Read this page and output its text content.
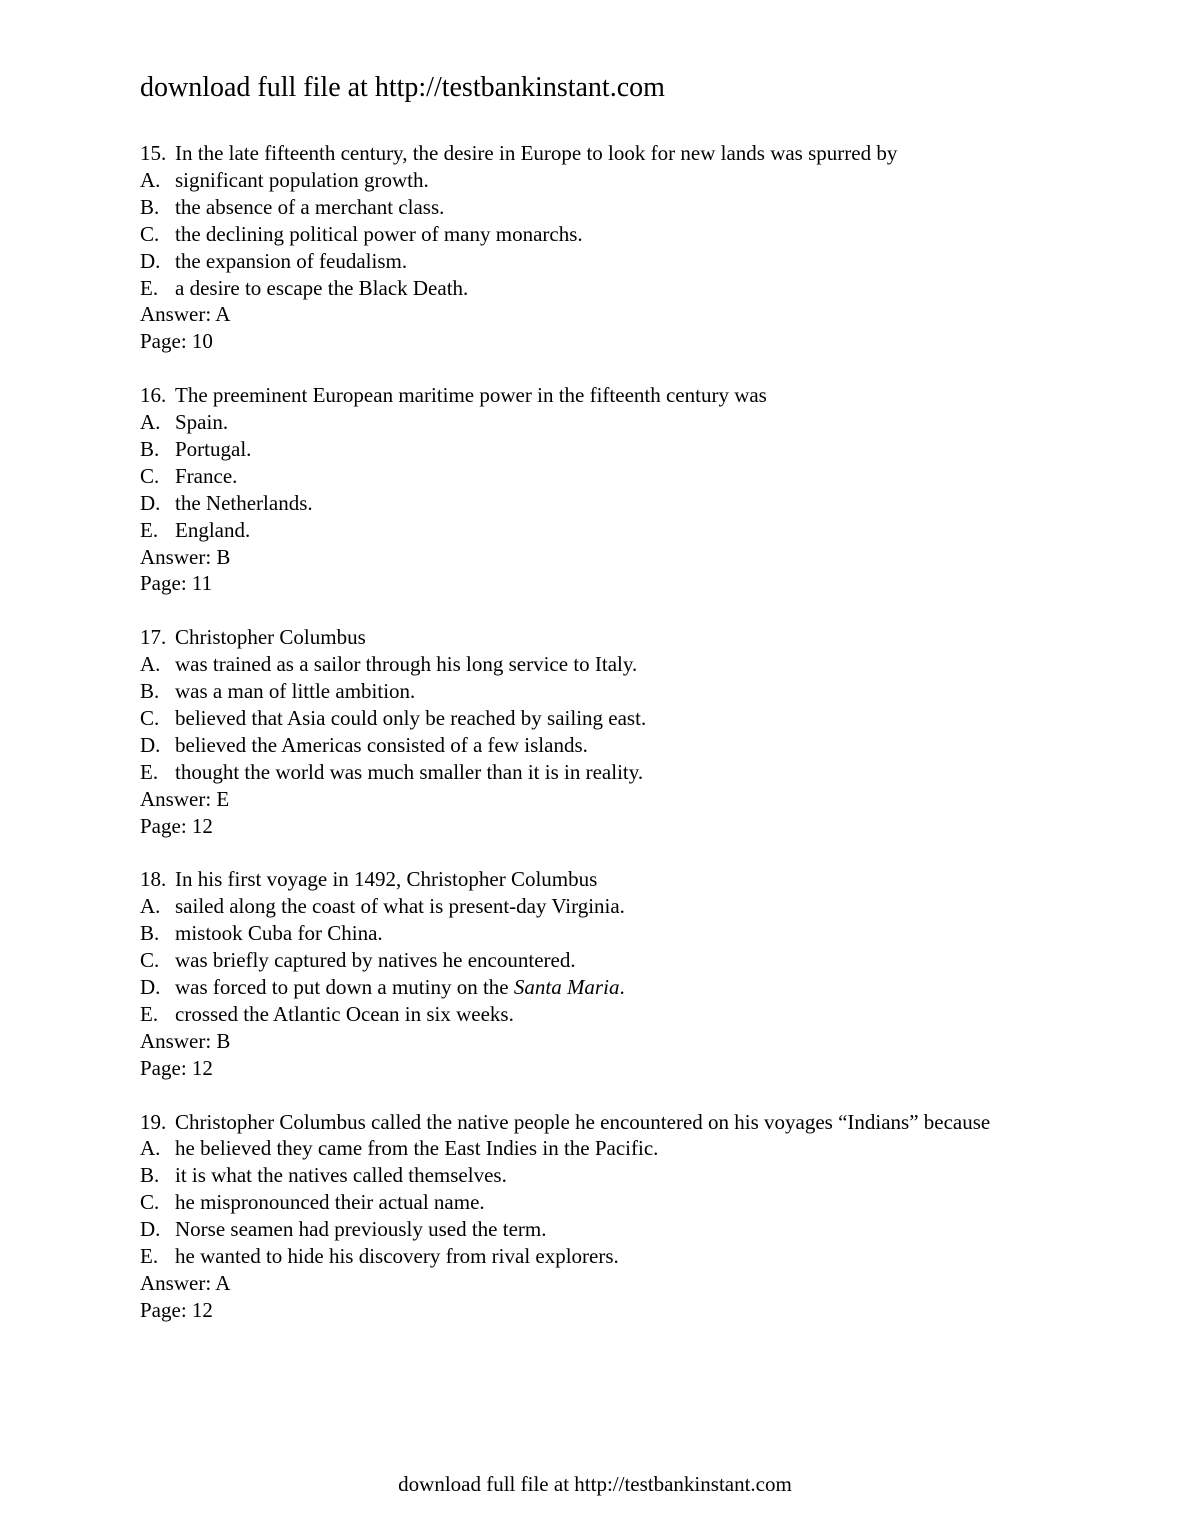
download full file at http://testbankinstant.com
15. In the late fifteenth century, the desire in Europe to look for new lands was spurred by
A. significant population growth.
B. the absence of a merchant class.
C. the declining political power of many monarchs.
D. the expansion of feudalism.
E. a desire to escape the Black Death.
Answer: A
Page: 10
16. The preeminent European maritime power in the fifteenth century was
A. Spain.
B. Portugal.
C. France.
D. the Netherlands.
E. England.
Answer: B
Page: 11
17. Christopher Columbus
A. was trained as a sailor through his long service to Italy.
B. was a man of little ambition.
C. believed that Asia could only be reached by sailing east.
D. believed the Americas consisted of a few islands.
E. thought the world was much smaller than it is in reality.
Answer: E
Page: 12
18. In his first voyage in 1492, Christopher Columbus
A. sailed along the coast of what is present-day Virginia.
B. mistook Cuba for China.
C. was briefly captured by natives he encountered.
D. was forced to put down a mutiny on the Santa Maria.
E. crossed the Atlantic Ocean in six weeks.
Answer: B
Page: 12
19. Christopher Columbus called the native people he encountered on his voyages “Indians” because
A. he believed they came from the East Indies in the Pacific.
B. it is what the natives called themselves.
C. he mispronounced their actual name.
D. Norse seamen had previously used the term.
E. he wanted to hide his discovery from rival explorers.
Answer: A
Page: 12
download full file at http://testbankinstant.com
